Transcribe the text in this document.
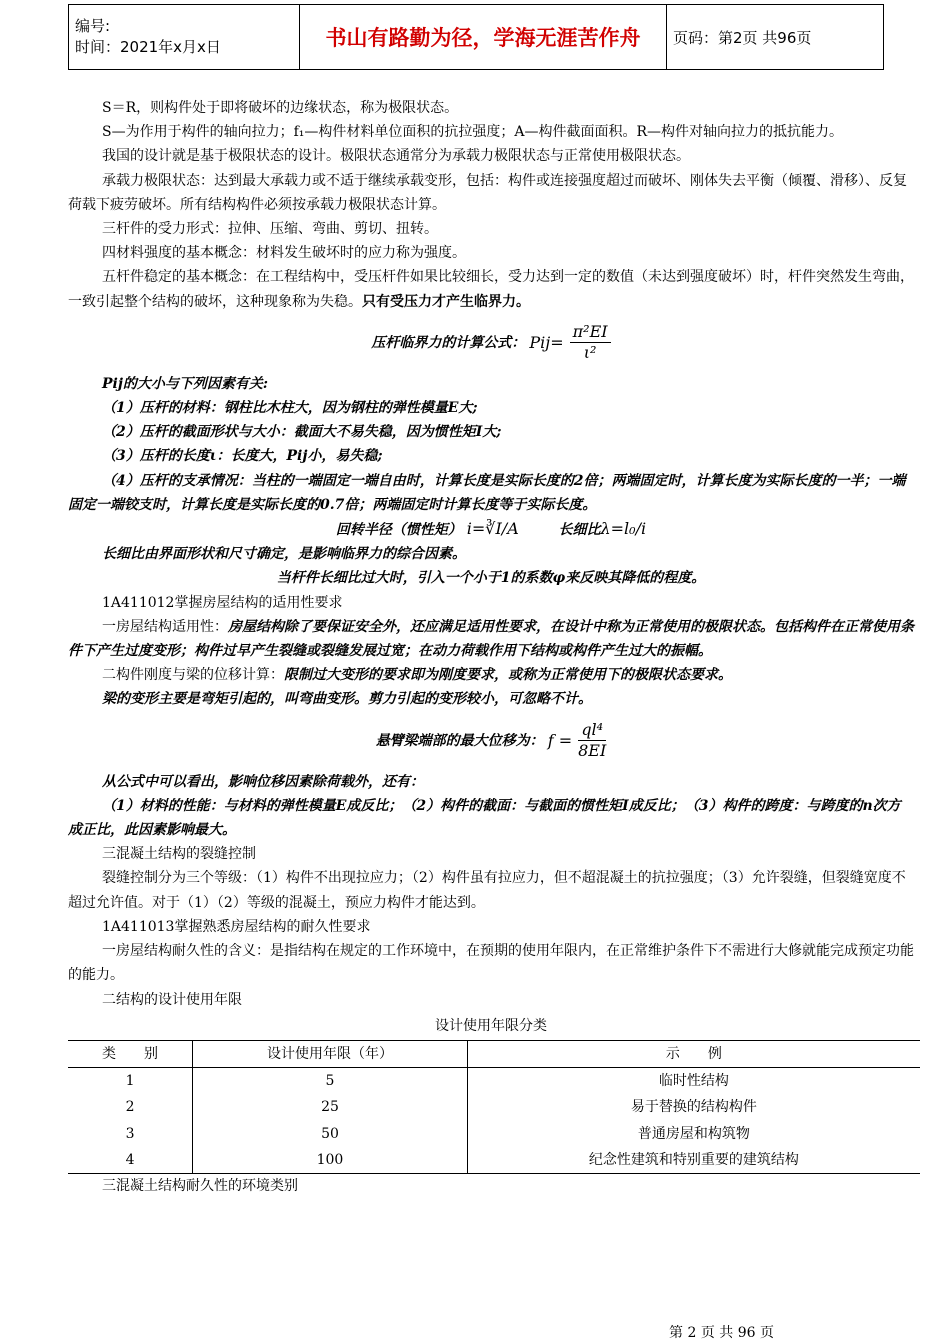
编号:
时间：2021年x月x日	书山有路勤为径，学海无涯苦作舟	页码：第2页 共96页

S＝R，则构件处于即将破坏的边缘状态，称为极限状态。

S—为作用于构件的轴向拉力；f₁—构件材料单位面积的抗拉强度；A—构件截面面积。R—构件对轴向拉力的抵抗能力。

我国的设计就是基于极限状态的设计。极限状态通常分为承载力极限状态与正常使用极限状态。

承载力极限状态：达到最大承载力或不适于继续承载变形，包括：构件或连接强度超过而破坏、刚体失去平衡（倾覆、滑移）、反复荷载下疲劳破坏。所有结构构件必须按承载力极限状态计算。

三杆件的受力形式：拉伸、压缩、弯曲、剪切、扭转。

四材料强度的基本概念：材料发生破坏时的应力称为强度。

五杆件稳定的基本概念：在工程结构中，受压杆件如果比较细长，受力达到一定的数值（未达到强度破坏）时，杆件突然发生弯曲，一致引起整个结构的破坏，这种现象称为失稳。只有受压力才产生临界力。

压杆临界力的计算公式： $Pij= \frac{\text{π²EI}}{\text{ι²}}$

Pij的大小与下列因素有关:

（1）压杆的材料：钢柱比木柱大，因为钢柱的弹性模量E大;

（2）压杆的截面形状与大小：截面大不易失稳，因为惯性矩I大;

（3）压杆的长度ι：长度大，Pij小，易失稳;

（4）压杆的支承情况：当柱的一端固定一端自由时，计算长度是实际长度的2倍；两端固定时，计算长度为实际长度的一半；一端固定一端铰支时，计算长度是实际长度的0.7倍；两端固定时计算长度等于实际长度。

回转半径（惯性矩） i=∛I/A	长细比λ=l₀/i

长细比由界面形状和尺寸确定，是影响临界力的综合因素。

当杆件长细比过大时，引入一个小于1的系数φ来反映其降低的程度。

1A411012掌握房屋结构的适用性要求

一房屋结构适用性：房屋结构除了要保证安全外，还应满足适用性要求，在设计中称为正常使用的极限状态。包括构件在正常使用条件下产生过度变形；构件过早产生裂缝或裂缝发展过宽；在动力荷载作用下结构或构件产生过大的振幅。

二构件刚度与梁的位移计算：限制过大变形的要求即为刚度要求，或称为正常使用下的极限状态要求。

梁的变形主要是弯矩引起的，叫弯曲变形。剪力引起的变形较小，可忽略不计。

悬臂梁端部的最大位移为： $f = \frac{\text{ql⁴}}{8EI}$

从公式中可以看出，影响位移因素除荷载外，还有：

（1）材料的性能：与材料的弹性模量E成反比；（2）构件的截面：与截面的惯性矩I成反比；（3）构件的跨度：与跨度的n次方成正比，此因素影响最大。

三混凝土结构的裂缝控制

裂缝控制分为三个等级：（1）构件不出现拉应力；（2）构件虽有拉应力，但不超混凝土的抗拉强度；（3）允许裂缝，但裂缝宽度不超过允许值。对于（1）（2）等级的混凝土，预应力构件才能达到。

1A411013掌握熟悉房屋结构的耐久性要求

一房屋结构耐久性的含义：是指结构在规定的工作环境中，在预期的使用年限内，在正常维护条件下不需进行大修就能完成预定功能的能力。

二结构的设计使用年限

设计使用年限分类
类　　别	设计使用年限（年）	示　　例
1	5	临时性结构
2	25	易于替换的结构构件
3	50	普通房屋和构筑物
4	100	纪念性建筑和特别重要的建筑结构

三混凝土结构耐久性的环境类别

第 2 页 共 96 页
